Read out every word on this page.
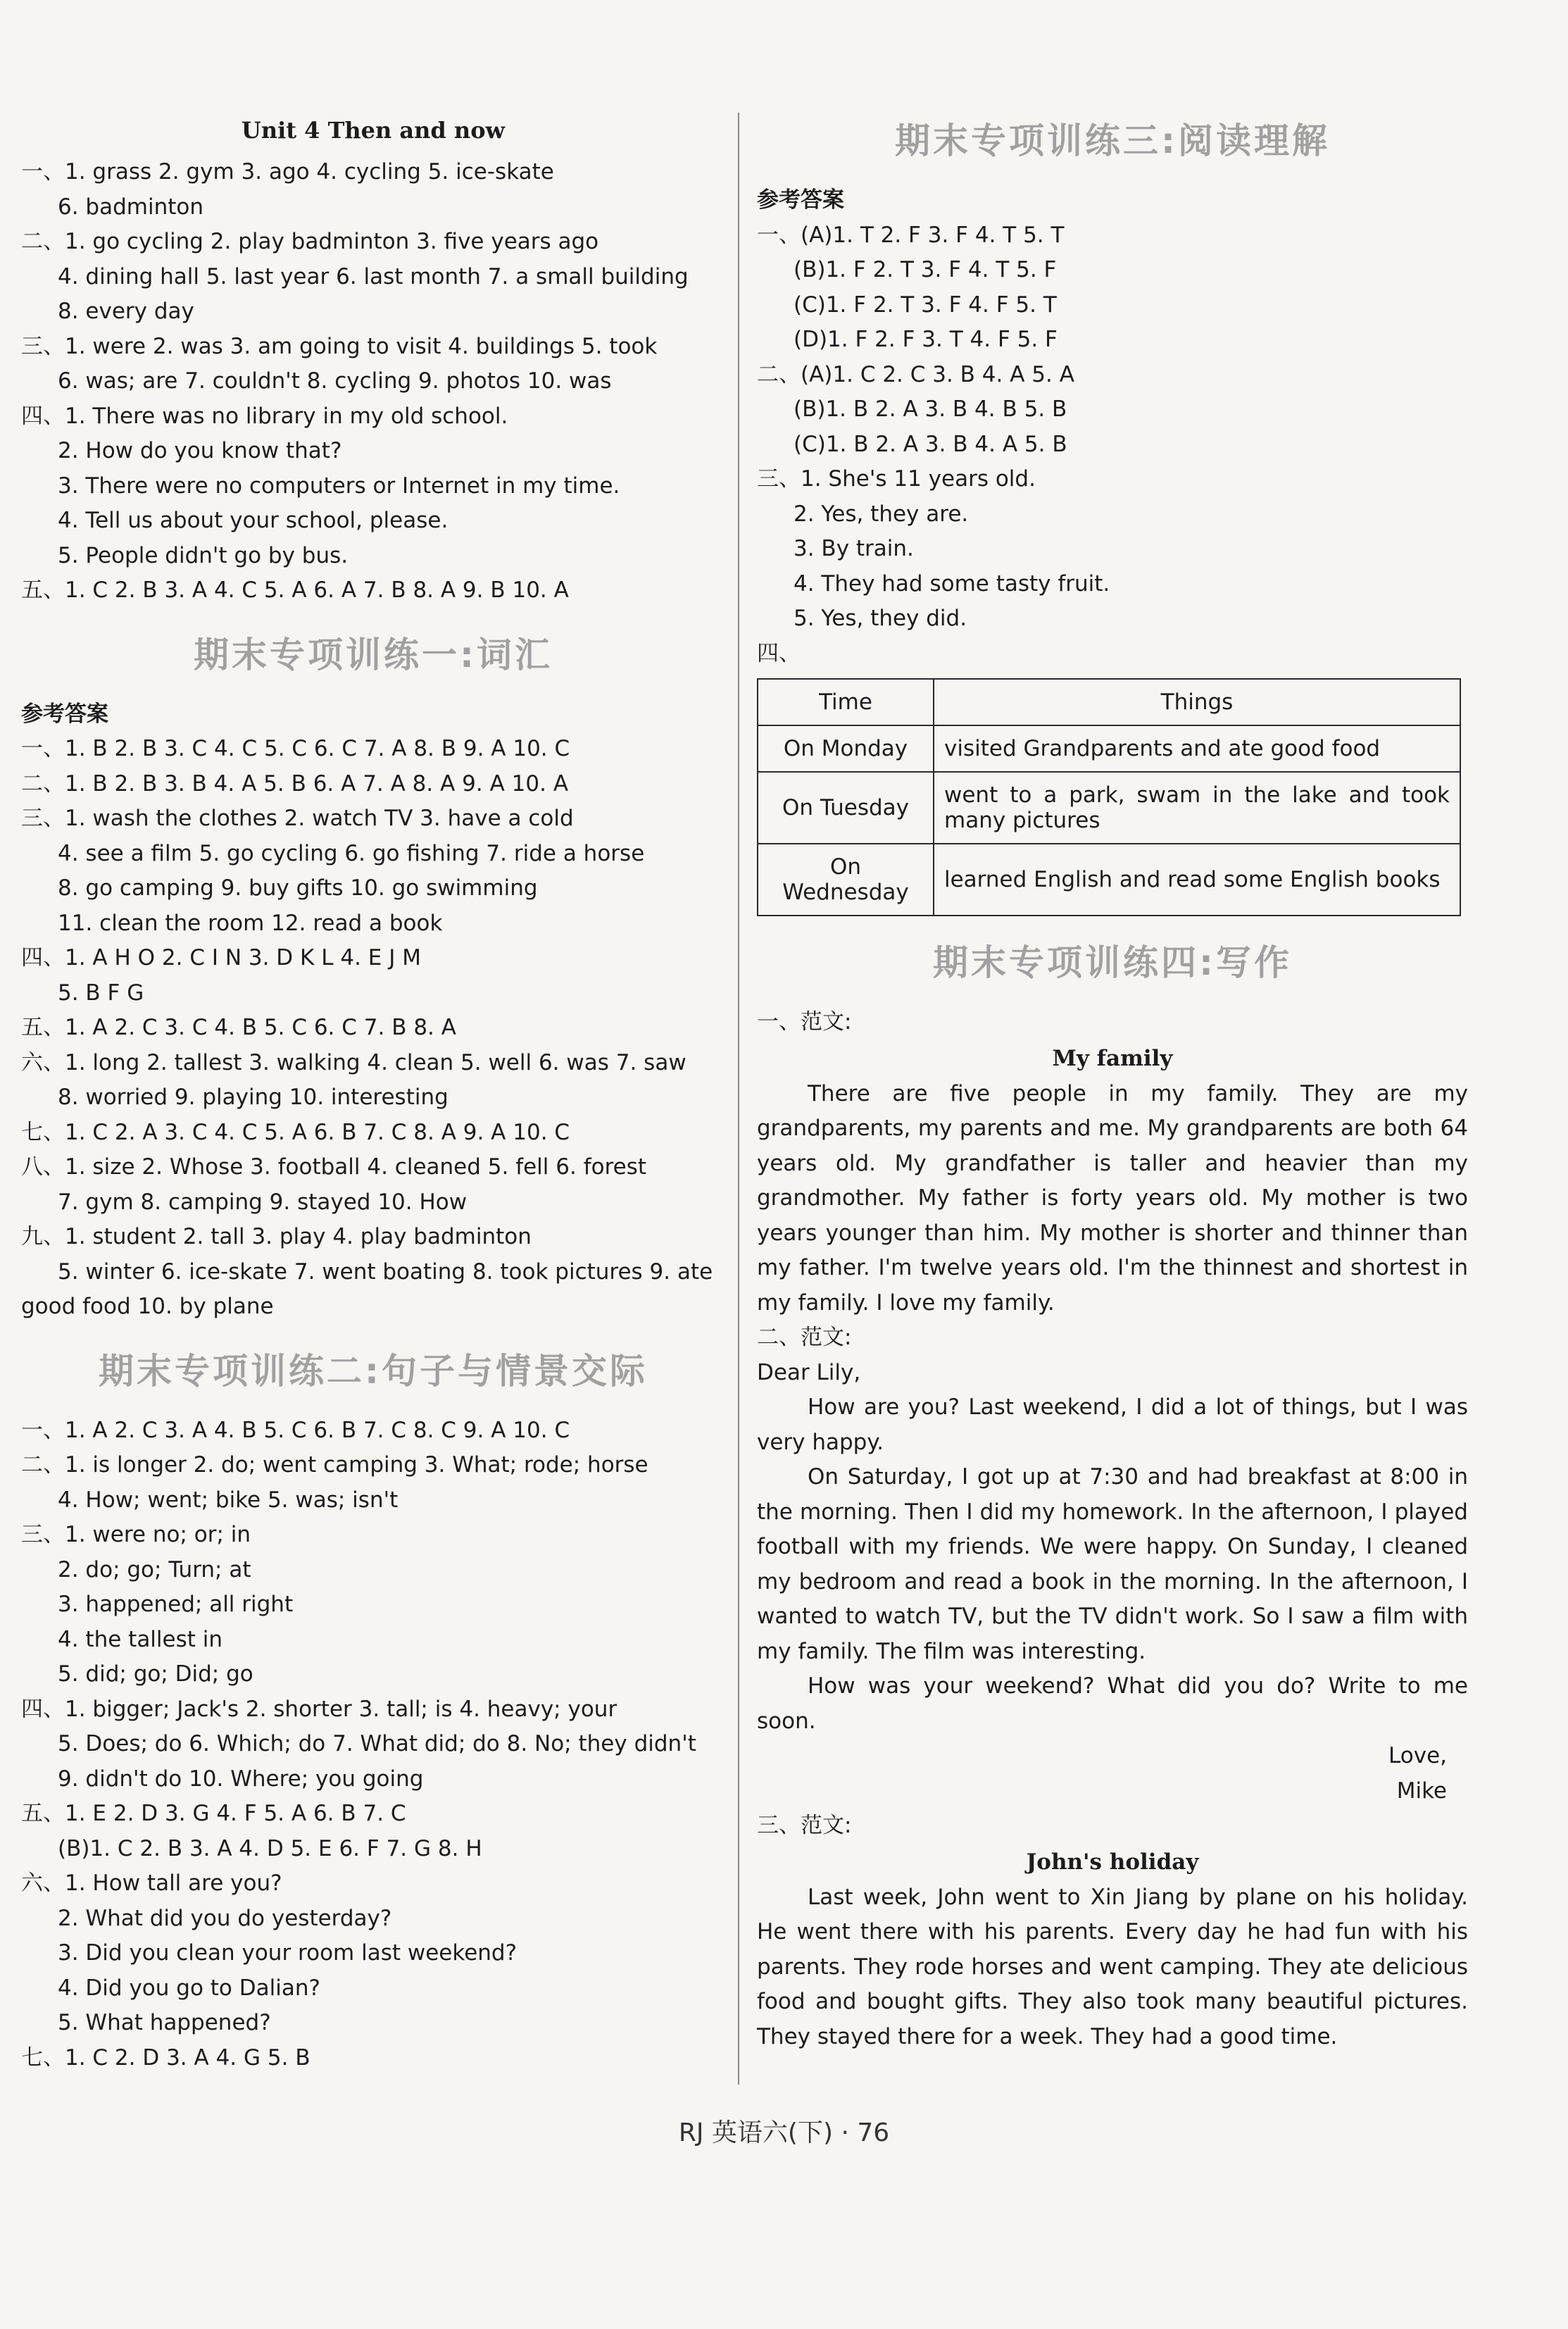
Unit 4 Then and now
一、1. grass 2. gym 3. ago 4. cycling 5. ice-skate
6. badminton
二、1. go cycling 2. play badminton 3. five years ago
4. dining hall 5. last year 6. last month 7. a small building
8. every day
三、1. were 2. was 3. am going to visit 4. buildings 5. took
6. was; are 7. couldn't 8. cycling 9. photos 10. was
四、1. There was no library in my old school.
2. How do you know that?
3. There were no computers or Internet in my time.
4. Tell us about your school, please.
5. People didn't go by bus.
五、1. C 2. B 3. A 4. C 5. A 6. A 7. B 8. A 9. B 10. A
期末专项训练一:词汇
参考答案
一、1. B 2. B 3. C 4. C 5. C 6. C 7. A 8. B 9. A 10. C
二、1. B 2. B 3. B 4. A 5. B 6. A 7. A 8. A 9. A 10. A
三、1. wash the clothes 2. watch TV 3. have a cold
4. see a film 5. go cycling 6. go fishing 7. ride a horse
8. go camping 9. buy gifts 10. go swimming
11. clean the room 12. read a book
四、1. A H O 2. C I N 3. D K L 4. E J M
5. B F G
五、1. A 2. C 3. C 4. B 5. C 6. C 7. B 8. A
六、1. long 2. tallest 3. walking 4. clean 5. well 6. was 7. saw
8. worried 9. playing 10. interesting
七、1. C 2. A 3. C 4. C 5. A 6. B 7. C 8. A 9. A 10. C
八、1. size 2. Whose 3. football 4. cleaned 5. fell 6. forest
7. gym 8. camping 9. stayed 10. How
九、1. student 2. tall 3. play 4. play badminton
5. winter 6. ice-skate 7. went boating 8. took pictures 9. ate
good food 10. by plane
期末专项训练二:句子与情景交际
一、1. A 2. C 3. A 4. B 5. C 6. B 7. C 8. C 9. A 10. C
二、1. is longer 2. do; went camping 3. What; rode; horse
4. How; went; bike 5. was; isn't
三、1. were no; or; in
2. do; go; Turn; at
3. happened; all right
4. the tallest in
5. did; go; Did; go
四、1. bigger; Jack's 2. shorter 3. tall; is 4. heavy; your
5. Does; do 6. Which; do 7. What did; do 8. No; they didn't
9. didn't do 10. Where; you going
五、1. E 2. D 3. G 4. F 5. A 6. B 7. C
(B)1. C 2. B 3. A 4. D 5. E 6. F 7. G 8. H
六、1. How tall are you?
2. What did you do yesterday?
3. Did you clean your room last weekend?
4. Did you go to Dalian?
5. What happened?
七、1. C 2. D 3. A 4. G 5. B
期末专项训练三:阅读理解
参考答案
一、(A)1. T 2. F 3. F 4. T 5. T
(B)1. F 2. T 3. F 4. T 5. F
(C)1. F 2. T 3. F 4. F 5. T
(D)1. F 2. F 3. T 4. F 5. F
二、(A)1. C 2. C 3. B 4. A 5. A
(B)1. B 2. A 3. B 4. B 5. B
(C)1. B 2. A 3. B 4. A 5. B
三、1. She's 11 years old.
2. Yes, they are.
3. By train.
4. They had some tasty fruit.
5. Yes, they did.
四、
Time	Things
On Monday	visited Grandparents and ate good food
On Tuesday	went to a park, swam in the lake and took many pictures
On Wednesday	learned English and read some English books
期末专项训练四:写作

一、范文:

My family

There are five people in my family. They are my grandparents, my parents and me. My grandparents are both 64 years old. My grandfather is taller and heavier than my grandmother. My father is forty years old. My mother is two years younger than him. My mother is shorter and thinner than my father. I'm twelve years old. I'm the thinnest and shortest in my family. I love my family.

二、范文:

Dear Lily,

How are you? Last weekend, I did a lot of things, but I was very happy.

On Saturday, I got up at 7:30 and had breakfast at 8:00 in the morning. Then I did my homework. In the afternoon, I played football with my friends. We were happy. On Sunday, I cleaned my bedroom and read a book in the morning. In the afternoon, I wanted to watch TV, but the TV didn't work. So I saw a film with my family. The film was interesting.

How was your weekend? What did you do? Write to me soon.

Love,
Mike

三、范文:

John's holiday

Last week, John went to Xin Jiang by plane on his holiday. He went there with his parents. Every day he had fun with his parents. They rode horses and went camping. They ate delicious food and bought gifts. They also took many beautiful pictures. They stayed there for a week. They had a good time.

RJ 英语六(下) · 76
